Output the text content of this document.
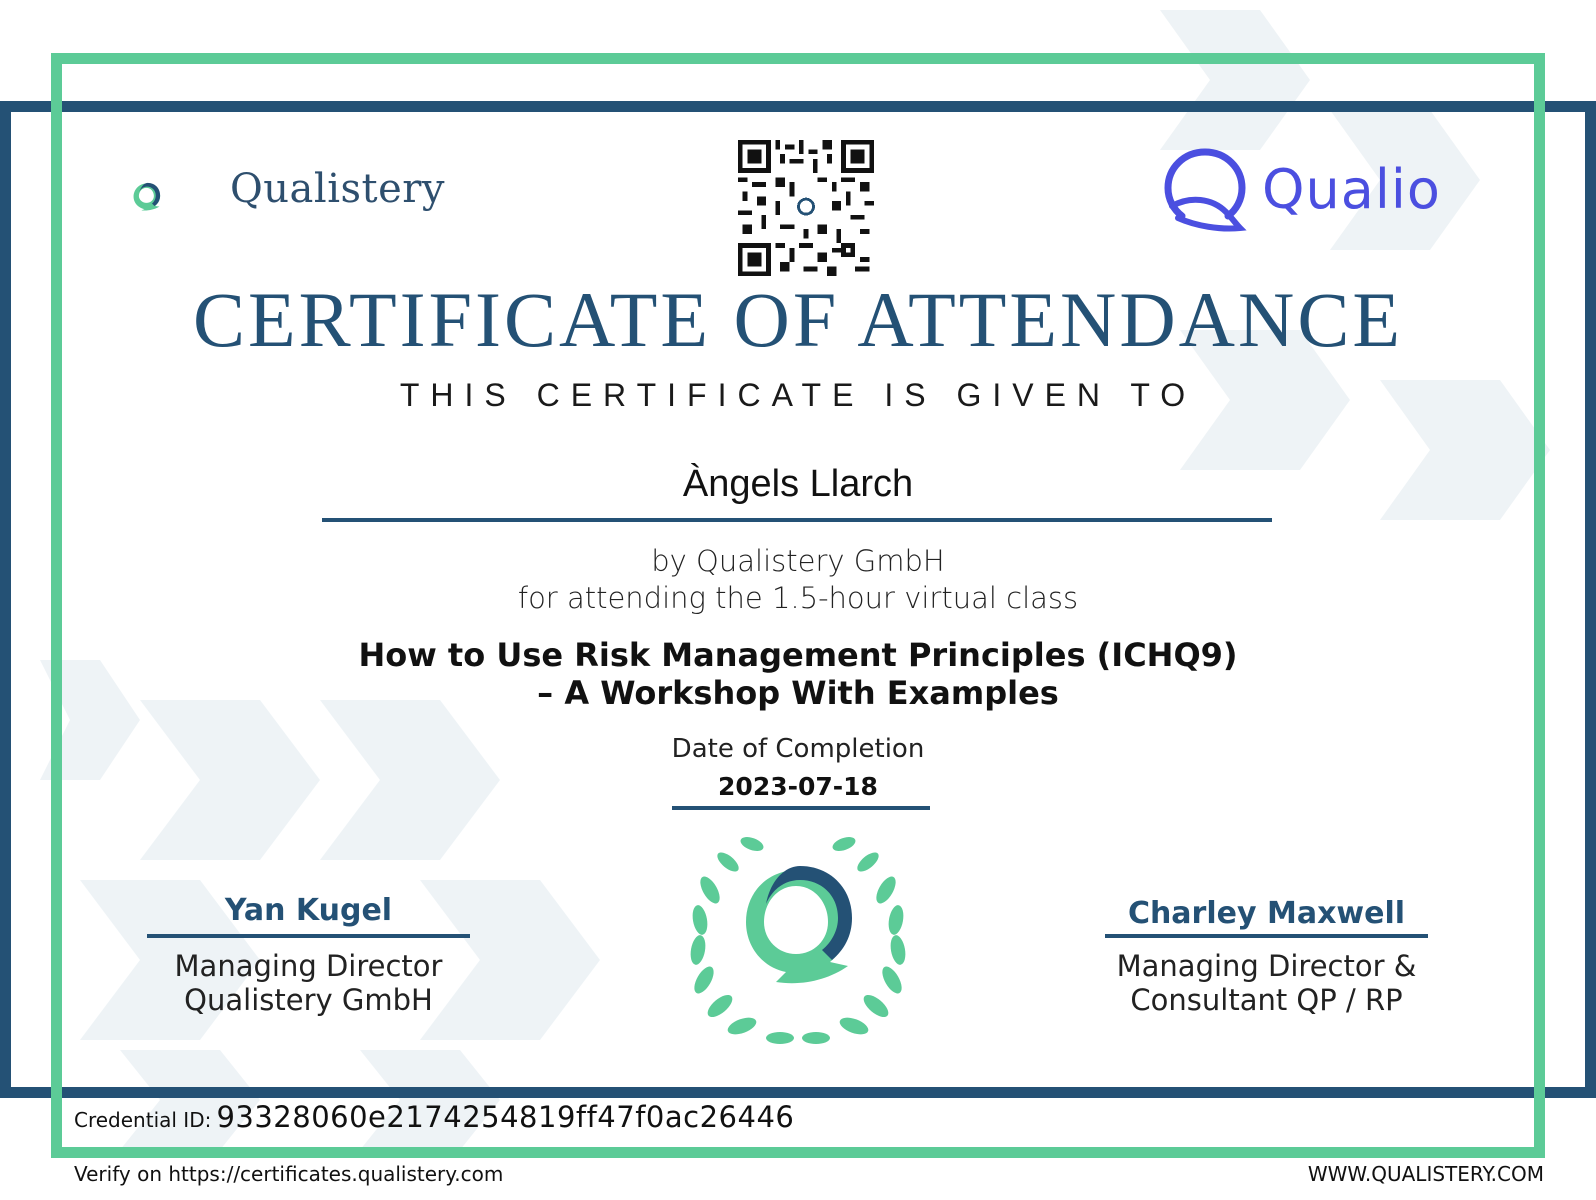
Qualistery	Qualio
CERTIFICATE OF ATTENDANCE
THIS CERTIFICATE IS GIVEN TO
Àngels Llarch
by Qualistery GmbH
for attending the 1.5-hour virtual class
How to Use Risk Management Principles (ICHQ9)
– A Workshop With Examples
Date of Completion
2023-07-18
Yan Kugel
Managing Director
Qualistery GmbH
Charley Maxwell
Managing Director &
Consultant QP / RP
Credential ID: 93328060e2174254819ff47f0ac26446
Verify on https://certificates.qualistery.com	WWW.QUALISTERY.COM
